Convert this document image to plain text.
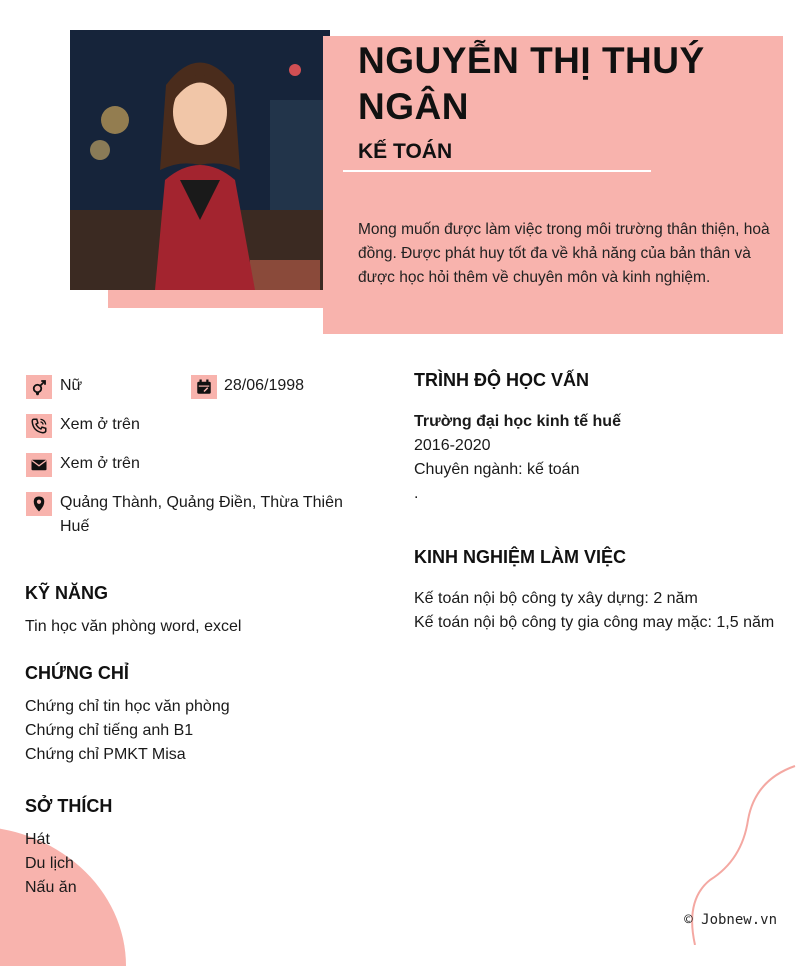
NGUYỄN THỊ THUÝ NGÂN
KẾ TOÁN

Mong muốn được làm việc trong môi trường thân thiện, hoà đồng. Được phát huy tốt đa về khả năng của bản thân và được học hỏi thêm về chuyên môn và kinh nghiệm.

Nữ	28/06/1998
Xem ở trên
Xem ở trên
Quảng Thành, Quảng Điền, Thừa Thiên Huế
KỸ NĂNG
Tin học văn phòng word, excel
CHỨNG CHỈ
Chứng chỉ tin học văn phòng
Chứng chỉ tiếng anh B1
Chứng chỉ PMKT Misa
SỞ THÍCH
Hát
Du lịch
Nấu ăn
TRÌNH ĐỘ HỌC VẤN
Trường đại học kinh tế huế
2016-2020
Chuyên ngành: kế toán
.
KINH NGHIỆM LÀM VIỆC
Kế toán nội bộ công ty xây dựng: 2 năm
Kế toán nội bộ công ty gia công may mặc: 1,5 năm
© Jobnew.vn
